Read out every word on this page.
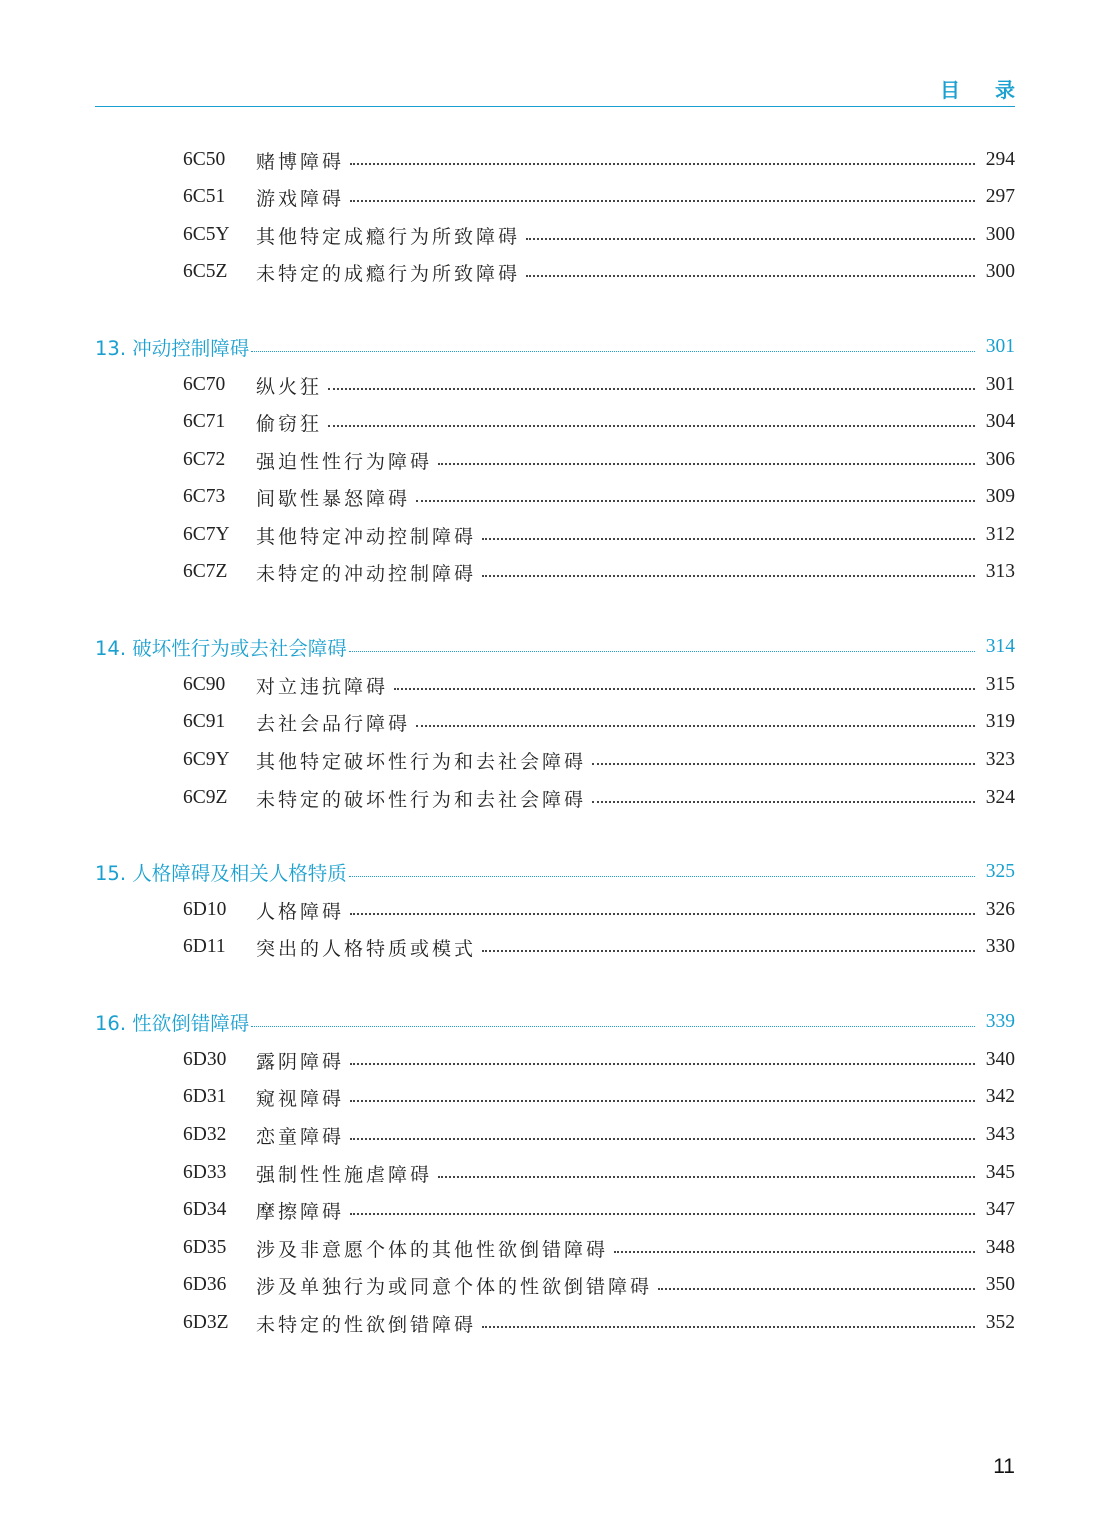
目 录
6C50	赌博障碍	294
6C51	游戏障碍	297
6C5Y	其他特定成瘾行为所致障碍	300
6C5Z	未特定的成瘾行为所致障碍	300
13. 冲动控制障碍	301
6C70	纵火狂	301
6C71	偷窃狂	304
6C72	强迫性性行为障碍	306
6C73	间歇性暴怒障碍	309
6C7Y	其他特定冲动控制障碍	312
6C7Z	未特定的冲动控制障碍	313
14. 破坏性行为或去社会障碍	314
6C90	对立违抗障碍	315
6C91	去社会品行障碍	319
6C9Y	其他特定破坏性行为和去社会障碍	323
6C9Z	未特定的破坏性行为和去社会障碍	324
15. 人格障碍及相关人格特质	325
6D10	人格障碍	326
6D11	突出的人格特质或模式	330
16. 性欲倒错障碍	339
6D30	露阴障碍	340
6D31	窥视障碍	342
6D32	恋童障碍	343
6D33	强制性性施虐障碍	345
6D34	摩擦障碍	347
6D35	涉及非意愿个体的其他性欲倒错障碍	348
6D36	涉及单独行为或同意个体的性欲倒错障碍	350
6D3Z	未特定的性欲倒错障碍	352
11
